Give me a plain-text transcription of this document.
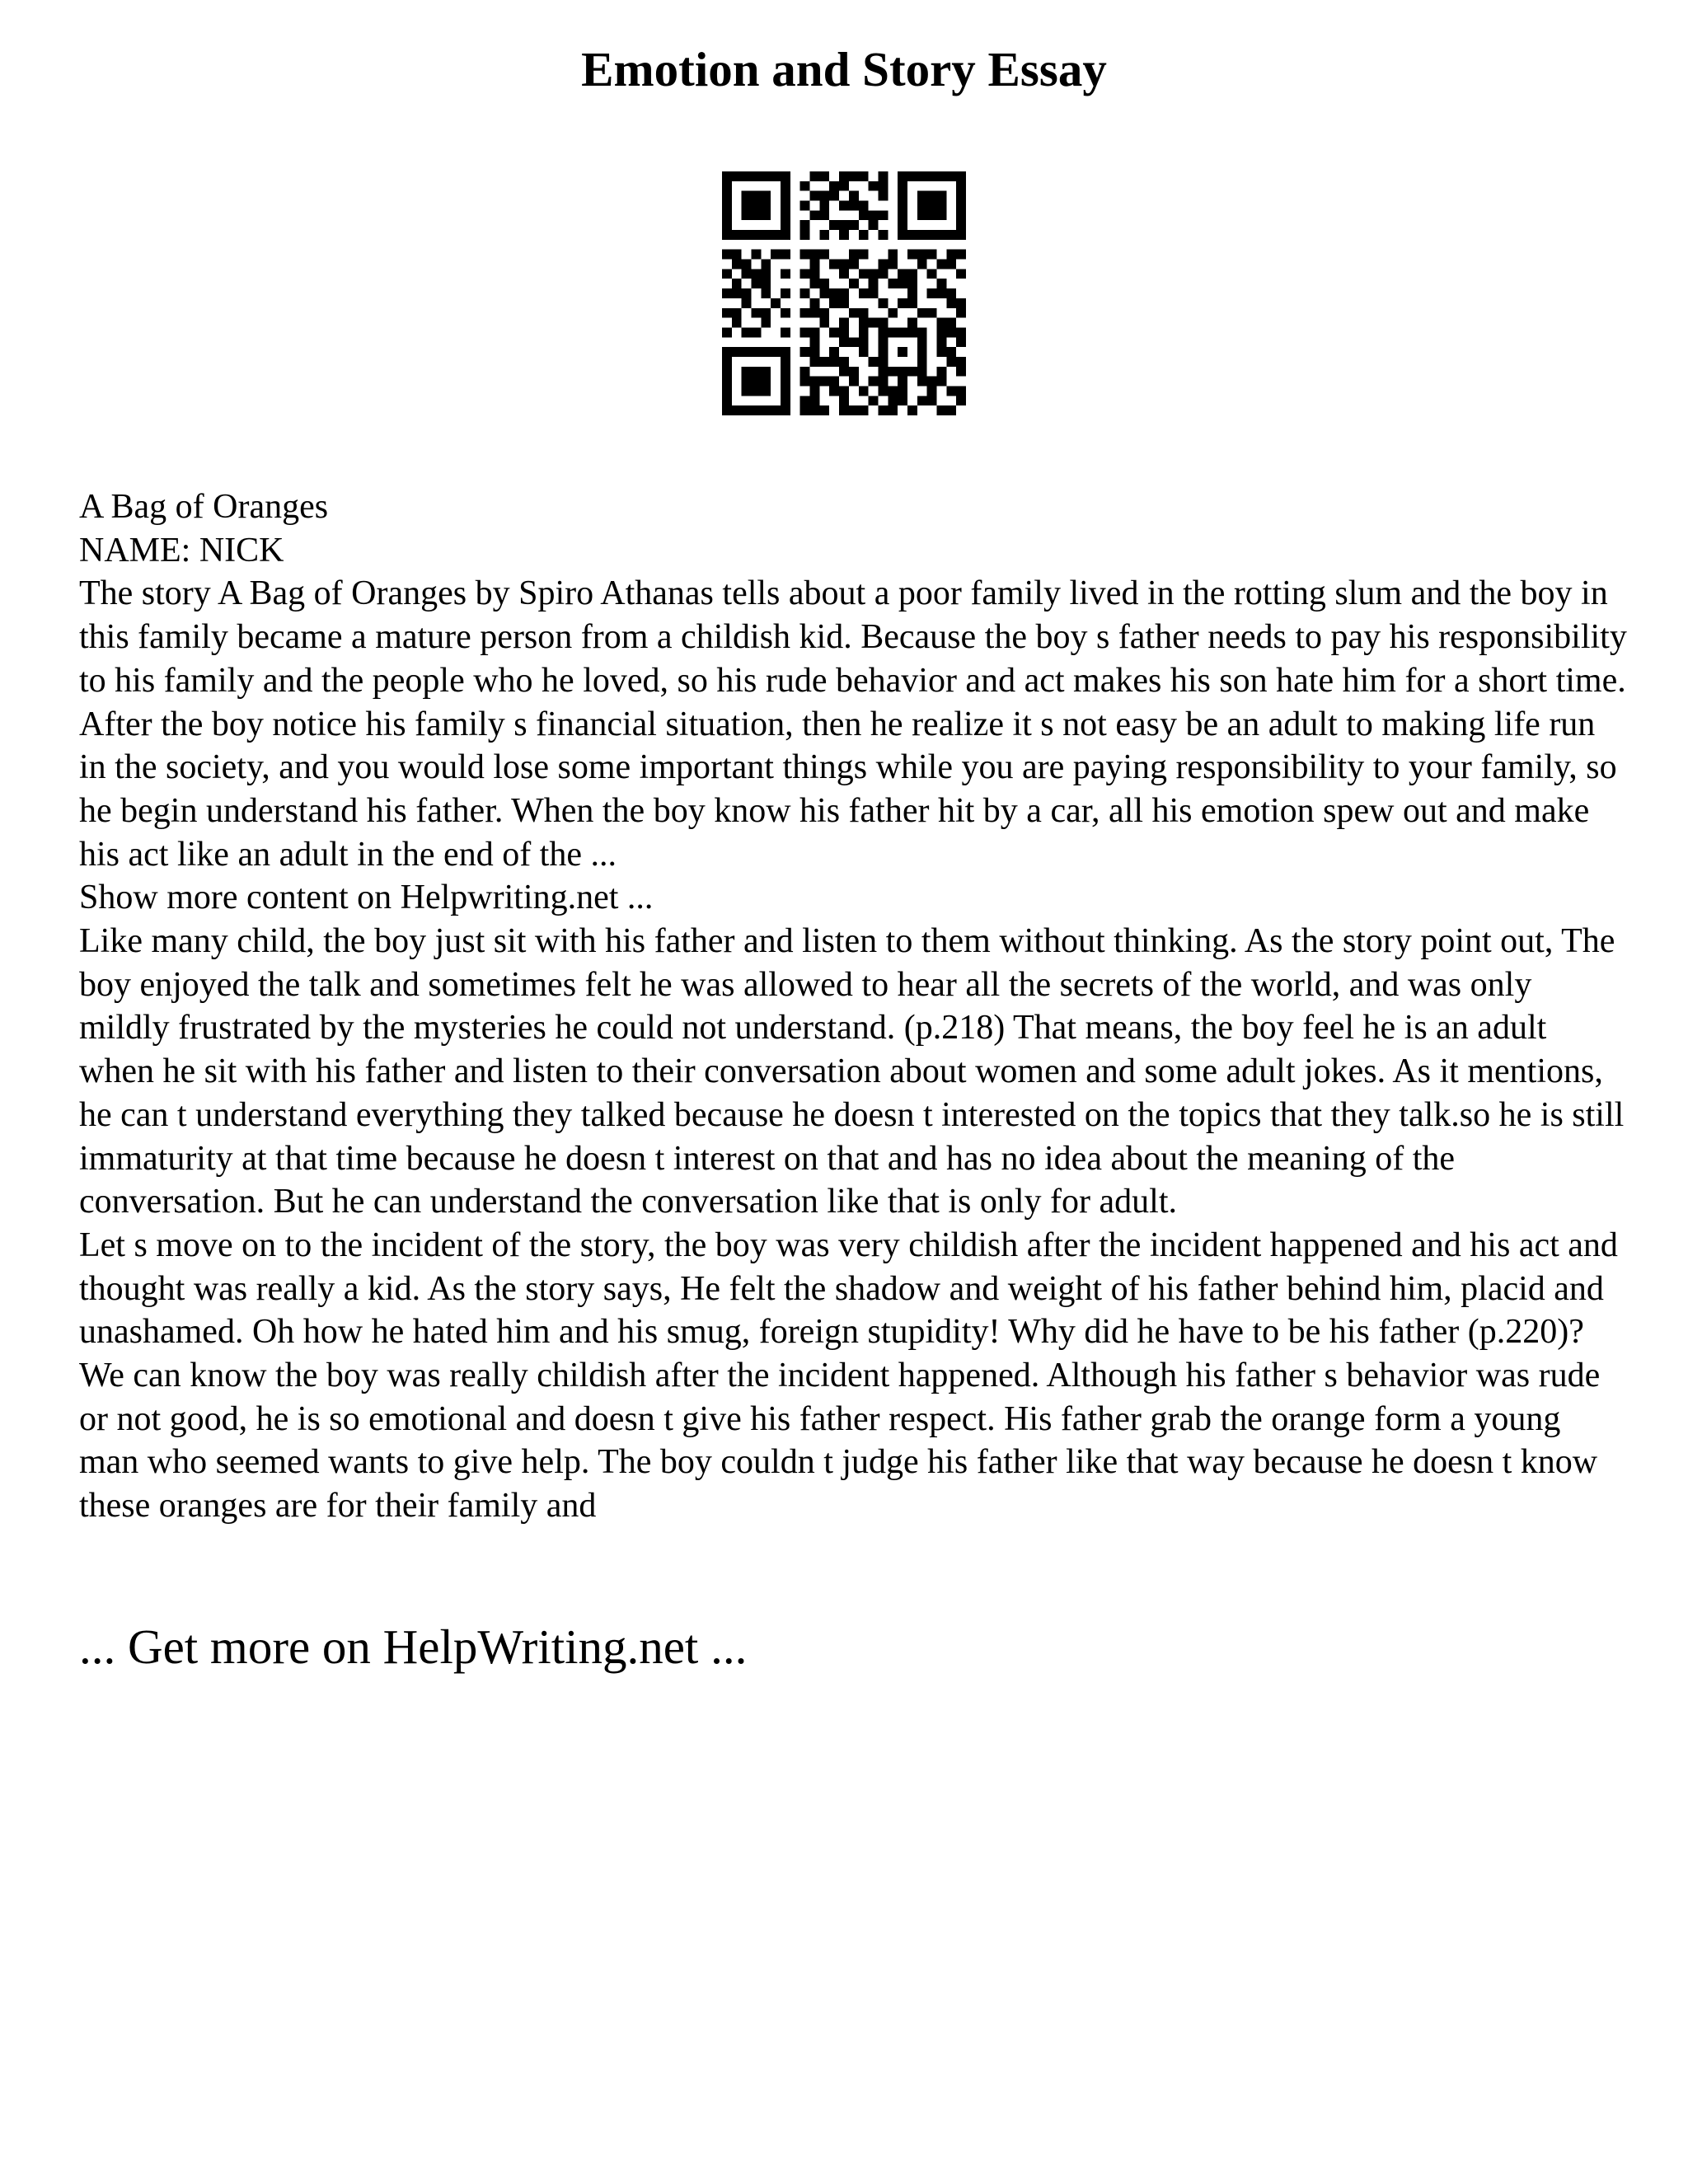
Emotion and Story Essay

A Bag of Oranges

NAME: NICK

The story A Bag of Oranges by Spiro Athanas tells about a poor family lived in the rotting slum and the boy in this family became a mature person from a childish kid. Because the boy s father needs to pay his responsibility to his family and the people who he loved, so his rude behavior and act makes his son hate him for a short time. After the boy notice his family s financial situation, then he realize it s not easy be an adult to making life run in the society, and you would lose some important things while you are paying responsibility to your family, so he begin understand his father. When the boy know his father hit by a car, all his emotion spew out and make his act like an adult in the end of the ...

Show more content on Helpwriting.net ...

Like many child, the boy just sit with his father and listen to them without thinking. As the story point out, The boy enjoyed the talk and sometimes felt he was allowed to hear all the secrets of the world, and was only mildly frustrated by the mysteries he could not understand. (p.218) That means, the boy feel he is an adult when he sit with his father and listen to their conversation about women and some adult jokes. As it mentions, he can t understand everything they talked because he doesn t interested on the topics that they talk.so he is still immaturity at that time because he doesn t interest on that and has no idea about the meaning of the conversation. But he can understand the conversation like that is only for adult.

Let s move on to the incident of the story, the boy was very childish after the incident happened and his act and thought was really a kid. As the story says, He felt the shadow and weight of his father behind him, placid and unashamed. Oh how he hated him and his smug, foreign stupidity! Why did he have to be his father (p.220)? We can know the boy was really childish after the incident happened. Although his father s behavior was rude or not good, he is so emotional and doesn t give his father respect. His father grab the orange form a young man who seemed wants to give help. The boy couldn t judge his father like that way because he doesn t know these oranges are for their family and

... Get more on HelpWriting.net ...
